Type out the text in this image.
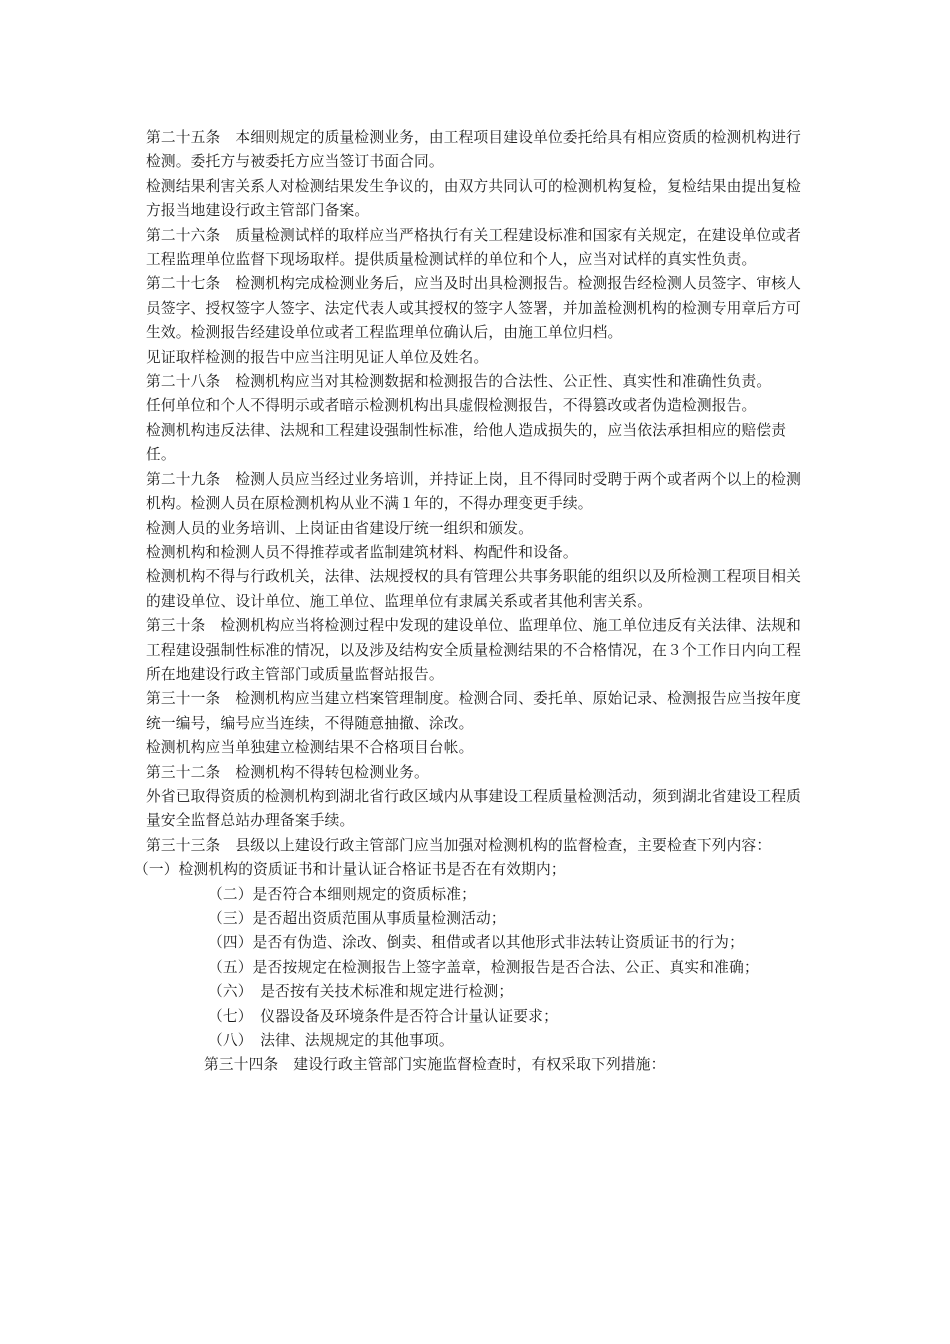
第二十五条　本细则规定的质量检测业务，由工程项目建设单位委托给具有相应资质的检测机构进行检测。委托方与被委托方应当签订书面合同。

检测结果利害关系人对检测结果发生争议的，由双方共同认可的检测机构复检，复检结果由提出复检方报当地建设行政主管部门备案。

第二十六条　质量检测试样的取样应当严格执行有关工程建设标准和国家有关规定，在建设单位或者工程监理单位监督下现场取样。提供质量检测试样的单位和个人，应当对试样的真实性负责。

第二十七条　检测机构完成检测业务后，应当及时出具检测报告。检测报告经检测人员签字、审核人员签字、授权签字人签字、法定代表人或其授权的签字人签署，并加盖检测机构的检测专用章后方可生效。检测报告经建设单位或者工程监理单位确认后，由施工单位归档。

见证取样检测的报告中应当注明见证人单位及姓名。

第二十八条　检测机构应当对其检测数据和检测报告的合法性、公正性、真实性和准确性负责。

任何单位和个人不得明示或者暗示检测机构出具虚假检测报告，不得篡改或者伪造检测报告。

检测机构违反法律、法规和工程建设强制性标准，给他人造成损失的，应当依法承担相应的赔偿责任。

第二十九条　检测人员应当经过业务培训，并持证上岗，且不得同时受聘于两个或者两个以上的检测机构。检测人员在原检测机构从业不满１年的，不得办理变更手续。

检测人员的业务培训、上岗证由省建设厅统一组织和颁发。

检测机构和检测人员不得推荐或者监制建筑材料、构配件和设备。

检测机构不得与行政机关，法律、法规授权的具有管理公共事务职能的组织以及所检测工程项目相关的建设单位、设计单位、施工单位、监理单位有隶属关系或者其他利害关系。

第三十条　检测机构应当将检测过程中发现的建设单位、监理单位、施工单位违反有关法律、法规和工程建设强制性标准的情况，以及涉及结构安全质量检测结果的不合格情况，在３个工作日内向工程所在地建设行政主管部门或质量监督站报告。

第三十一条　检测机构应当建立档案管理制度。检测合同、委托单、原始记录、检测报告应当按年度统一编号，编号应当连续，不得随意抽撤、涂改。

检测机构应当单独建立检测结果不合格项目台帐。

第三十二条　检测机构不得转包检测业务。

外省已取得资质的检测机构到湖北省行政区域内从事建设工程质量检测活动，须到湖北省建设工程质量安全监督总站办理备案手续。

第三十三条　县级以上建设行政主管部门应当加强对检测机构的监督检查，主要检查下列内容：

（一）检测机构的资质证书和计量认证合格证书是否在有效期内；

（二）是否符合本细则规定的资质标准；

（三）是否超出资质范围从事质量检测活动；

（四）是否有伪造、涂改、倒卖、租借或者以其他形式非法转让资质证书的行为；

（五）是否按规定在检测报告上签字盖章，检测报告是否合法、公正、真实和准确；

（六）　是否按有关技术标准和规定进行检测；

（七）　仪器设备及环境条件是否符合计量认证要求；

（八）　法律、法规规定的其他事项。

第三十四条　建设行政主管部门实施监督检查时，有权采取下列措施：
